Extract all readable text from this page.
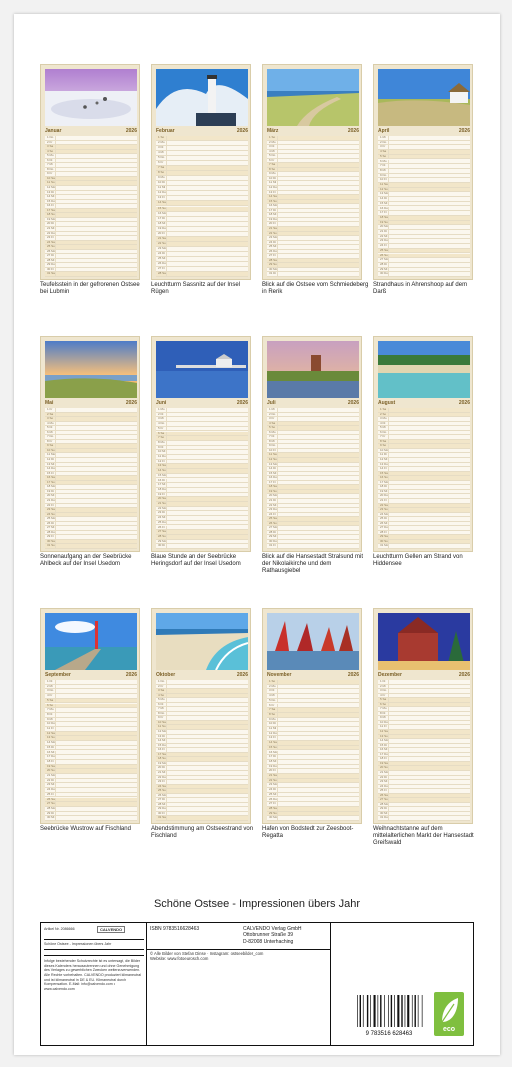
Januar	2026
1 Do
2 Fr
3 Sa
4 So
5 Mo
6 Di
7 Mi
8 Do
9 Fr
10 Sa
11 So
12 Mo
13 Di
14 Mi
15 Do
16 Fr
17 Sa
18 So
19 Mo
20 Di
21 Mi
22 Do
23 Fr
24 Sa
25 So
26 Mo
27 Di
28 Mi
29 Do
30 Fr
31 Sa
Teufelsstein in der gefrorenen Ostsee bei Lubmin
Februar	2026
1 So
2 Mo
3 Di
4 Mi
5 Do
6 Fr
7 Sa
8 So
9 Mo
10 Di
11 Mi
12 Do
13 Fr
14 Sa
15 So
16 Mo
17 Di
18 Mi
19 Do
20 Fr
21 Sa
22 So
23 Mo
24 Di
25 Mi
26 Do
27 Fr
28 Sa
Leuchtturm Sassnitz auf der Insel Rügen
März	2026
1 So
2 Mo
3 Di
4 Mi
5 Do
6 Fr
7 Sa
8 So
9 Mo
10 Di
11 Mi
12 Do
13 Fr
14 Sa
15 So
16 Mo
17 Di
18 Mi
19 Do
20 Fr
21 Sa
22 So
23 Mo
24 Di
25 Mi
26 Do
27 Fr
28 Sa
29 So
30 Mo
31 Di
Blick auf die Ostsee vom Schmiedeberg in Rerik
April	2026
1 Mi
2 Do
3 Fr
4 Sa
5 So
6 Mo
7 Di
8 Mi
9 Do
10 Fr
11 Sa
12 So
13 Mo
14 Di
15 Mi
16 Do
17 Fr
18 Sa
19 So
20 Mo
21 Di
22 Mi
23 Do
24 Fr
25 Sa
26 So
27 Mo
28 Di
29 Mi
30 Do
Strandhaus in Ahrenshoop auf dem Darß
Mai	2026
1 Fr
2 Sa
3 So
4 Mo
5 Di
6 Mi
7 Do
8 Fr
9 Sa
10 So
11 Mo
12 Di
13 Mi
14 Do
15 Fr
16 Sa
17 So
18 Mo
19 Di
20 Mi
21 Do
22 Fr
23 Sa
24 So
25 Mo
26 Di
27 Mi
28 Do
29 Fr
30 Sa
31 So
Sonnenaufgang an der Seebrücke Ahlbeck auf der Insel Usedom
Juni	2026
1 Mo
2 Di
3 Mi
4 Do
5 Fr
6 Sa
7 So
8 Mo
9 Di
10 Mi
11 Do
12 Fr
13 Sa
14 So
15 Mo
16 Di
17 Mi
18 Do
19 Fr
20 Sa
21 So
22 Mo
23 Di
24 Mi
25 Do
26 Fr
27 Sa
28 So
29 Mo
30 Di
Blaue Stunde an der Seebrücke Heringsdorf auf der Insel Usedom
Juli	2026
1 Mi
2 Do
3 Fr
4 Sa
5 So
6 Mo
7 Di
8 Mi
9 Do
10 Fr
11 Sa
12 So
13 Mo
14 Di
15 Mi
16 Do
17 Fr
18 Sa
19 So
20 Mo
21 Di
22 Mi
23 Do
24 Fr
25 Sa
26 So
27 Mo
28 Di
29 Mi
30 Do
31 Fr
Blick auf die Hansestadt Stralsund mit der Nikolaikirche und dem Rathausgiebel
August	2026
1 Sa
2 So
3 Mo
4 Di
5 Mi
6 Do
7 Fr
8 Sa
9 So
10 Mo
11 Di
12 Mi
13 Do
14 Fr
15 Sa
16 So
17 Mo
18 Di
19 Mi
20 Do
21 Fr
22 Sa
23 So
24 Mo
25 Di
26 Mi
27 Do
28 Fr
29 Sa
30 So
31 Mo
Leuchtturm Gellen am Strand von Hiddensee
September	2026
1 Di
2 Mi
3 Do
4 Fr
5 Sa
6 So
7 Mo
8 Di
9 Mi
10 Do
11 Fr
12 Sa
13 So
14 Mo
15 Di
16 Mi
17 Do
18 Fr
19 Sa
20 So
21 Mo
22 Di
23 Mi
24 Do
25 Fr
26 Sa
27 So
28 Mo
29 Di
30 Mi
Seebrücke Wustrow auf Fischland
Oktober	2026
1 Do
2 Fr
3 Sa
4 So
5 Mo
6 Di
7 Mi
8 Do
9 Fr
10 Sa
11 So
12 Mo
13 Di
14 Mi
15 Do
16 Fr
17 Sa
18 So
19 Mo
20 Di
21 Mi
22 Do
23 Fr
24 Sa
25 So
26 Mo
27 Di
28 Mi
29 Do
30 Fr
31 Sa
Abendstimmung am Ostseestrand von Fischland
November	2026
1 So
2 Mo
3 Di
4 Mi
5 Do
6 Fr
7 Sa
8 So
9 Mo
10 Di
11 Mi
12 Do
13 Fr
14 Sa
15 So
16 Mo
17 Di
18 Mi
19 Do
20 Fr
21 Sa
22 So
23 Mo
24 Di
25 Mi
26 Do
27 Fr
28 Sa
29 So
30 Mo
Hafen von Bodstedt zur Zeesboot-Regatta
Dezember	2026
1 Di
2 Mi
3 Do
4 Fr
5 Sa
6 So
7 Mo
8 Di
9 Mi
10 Do
11 Fr
12 Sa
13 So
14 Mo
15 Di
16 Mi
17 Do
18 Fr
19 Sa
20 So
21 Mo
22 Di
23 Mi
24 Do
25 Fr
26 Sa
27 So
28 Mo
29 Di
30 Mi
31 Do
Weihnachtstanne auf dem mittelalterlichen Markt der Hansestadt Greifswald
Schöne Ostsee - Impressionen übers Jahr
Artikel Nr. 2086666	CALVENDO
Schöne Ostsee - Impressionen übers Jahr
Infolge bestehender Schutzrechte ist es untersagt, die Bilder dieses Kalenders herauszutrennen und ohne Genehmigung des Verlages zu gewerblichen Zwecken weiterzuverwenden. Alle Rechte vorbehalten. CALVENDO produziert klimaneutral und ist klimaneutral in DE & EU. Klimaneutral durch Kompensation. E-Mail: info@calvendo.com • www.calvendo.com
ISBN 9783516628463	CALVENDO Verlag GmbH
Ottobrunner Straße 39
D-82008 Unterhaching
© Alle Bilder von Stefan Dinse · Instagram: ostseebilder_com
Website: www.fotoeurosch.com
9 783516 628463
eco
